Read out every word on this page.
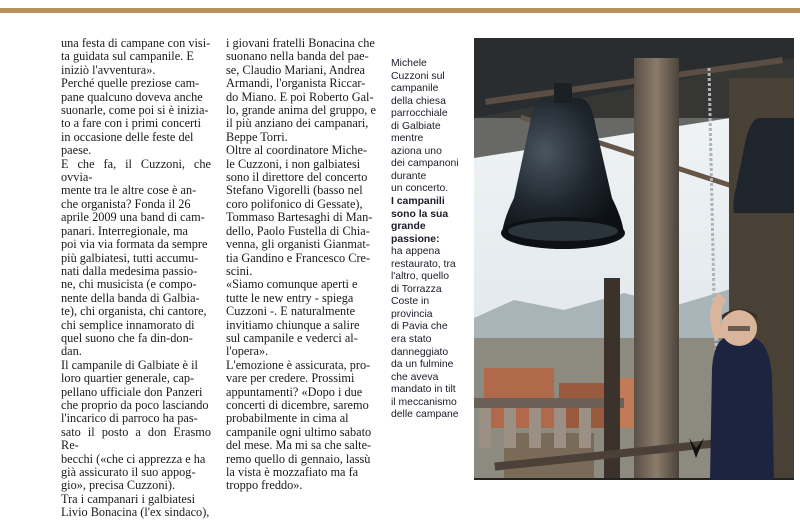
una festa di campane con visi-

ta guidata sul campanile. E

iniziò l'avventura».

Perché quelle preziose cam-

pane qualcuno doveva anche

suonarle, come poi si è inizia-

to a fare con i primi concerti

in occasione delle feste del

paese.

E che fa, il Cuzzoni, che ovvia-

mente tra le altre cose è an-

che organista? Fonda il 26

aprile 2009 una band di cam-

panari. Interregionale, ma

poi via via formata da sempre

più galbiatesi, tutti accumu-

nati dalla medesima passio-

ne, chi musicista (e compo-

nente della banda di Galbia-

te), chi organista, chi cantore,

chi semplice innamorato di

quel suono che fa din-don-

dan.

Il campanile di Galbiate è il

loro quartier generale, cap-

pellano ufficiale don Panzeri

che proprio da poco lasciando

l'incarico di parroco ha pas-

sato il posto a don Erasmo Re-

becchi («che ci apprezza e ha

già assicurato il suo appog-

gio», precisa Cuzzoni).

Tra i campanari i galbiatesi

Livio Bonacina (l'ex sindaco),

i giovani fratelli Bonacina che

suonano nella banda del pae-

se, Claudio Mariani, Andrea

Armandi, l'organista Riccar-

do Miano. E poi Roberto Gal-

lo, grande anima del gruppo, e

il più anziano dei campanari,

Beppe Torri.

Oltre al coordinatore Miche-

le Cuzzoni, i non galbiatesi

sono il direttore del concerto

Stefano Vigorelli (basso nel

coro polifonico di Gessate),

Tommaso Bartesaghi di Man-

dello, Paolo Fustella di Chia-

venna, gli organisti Gianmat-

tia Gandino e Francesco Cre-

scini.

«Siamo comunque aperti e

tutte le new entry - spiega

Cuzzoni -. E naturalmente

invitiamo chiunque a salire

sul campanile e vederci al-

l'opera».

L'emozione è assicurata, pro-

vare per credere. Prossimi

appuntamenti? «Dopo i due

concerti di dicembre, saremo

probabilmente in cima al

campanile ogni ultimo sabato

del mese. Ma mi sa che salte-

remo quello di gennaio, lassù

la vista è mozzafiato ma fa

troppo freddo».

Michele

Cuzzoni sul

campanile

della chiesa

parrocchiale

di Galbiate

mentre

aziona uno

dei campanoni

durante

un concerto.

I campanili

sono la sua

grande

passione:

ha appena

restaurato, tra

l'altro, quello

di Torrazza

Coste in

provincia

di Pavia che

era stato

danneggiato

da un fulmine

che aveva

mandato in tilt

il meccanismo

delle campane
